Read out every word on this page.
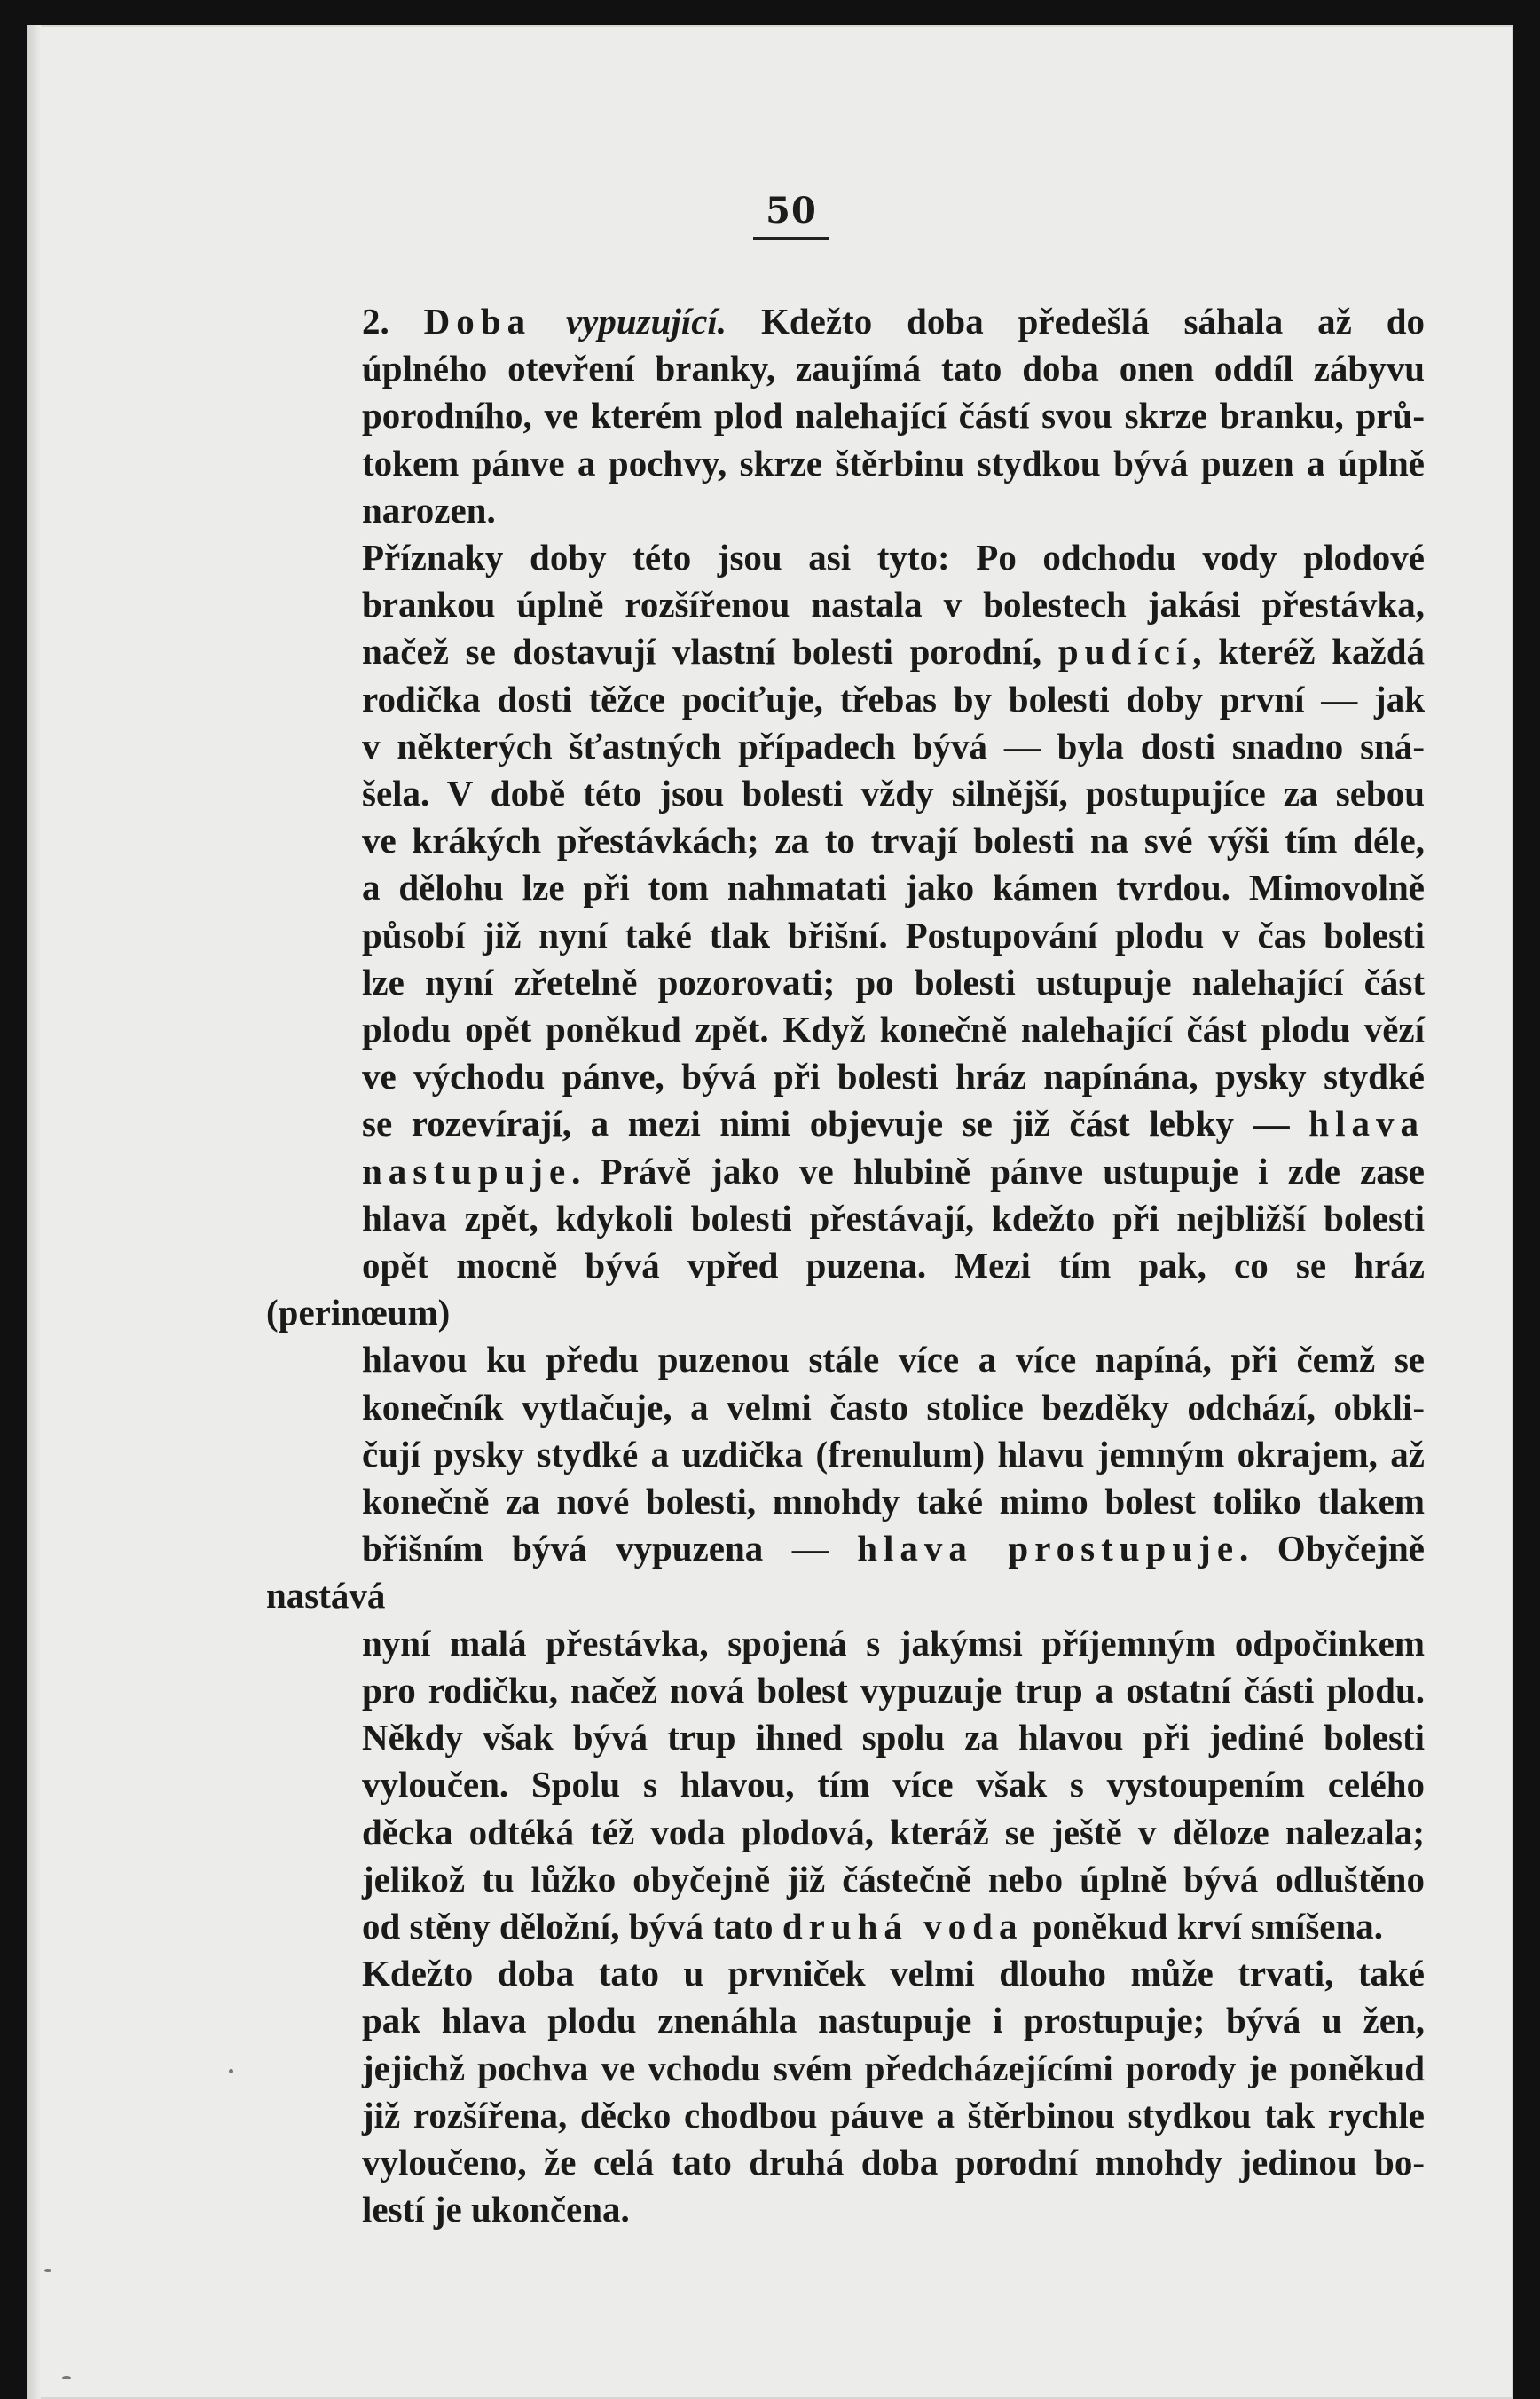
50

2. Doba vypuzující. Kdežto doba předešlá sáhala až do
úplného otevření branky, zaujímá tato doba onen oddíl zábyvu
porodního, ve kterém plod nalehající částí svou skrze branku, prů-
tokem pánve a pochvy, skrze štěrbinu stydkou bývá puzen a úplně
narozen.

Příznaky doby této jsou asi tyto: Po odchodu vody plodové
brankou úplně rozšířenou nastala v bolestech jakási přestávka,
načež se dostavují vlastní bolesti porodní, pudící, kteréž každá
rodička dosti těžce pociťuje, třebas by bolesti doby první — jak
v některých šťastných případech bývá — byla dosti snadno sná-
šela. V době této jsou bolesti vždy silnější, postupujíce za sebou
ve krákých přestávkách; za to trvají bolesti na své výši tím déle,
a dělohu lze při tom nahmatati jako kámen tvrdou. Mimovolně
působí již nyní také tlak břišní. Postupování plodu v čas bolesti
lze nyní zřetelně pozorovati; po bolesti ustupuje nalehající část
plodu opět poněkud zpět. Když konečně nalehající část plodu vězí
ve východu pánve, bývá při bolesti hráz napínána, pysky stydké
se rozevírají, a mezi nimi objevuje se již část lebky — hlava
nastupuje. Právě jako ve hlubině pánve ustupuje i zde zase
hlava zpět, kdykoli bolesti přestávají, kdežto při nejbližší bolesti
opět mocně bývá vpřed puzena. Mezi tím pak, co se hráz (perinœum)
hlavou ku předu puzenou stále více a více napíná, při čemž se
konečník vytlačuje, a velmi často stolice bezděky odchází, obkli-
čují pysky stydké a uzdička (frenulum) hlavu jemným okrajem, až
konečně za nové bolesti, mnohdy také mimo bolest toliko tlakem
břišním bývá vypuzena — hlava prostupuje. Obyčejně nastává
nyní malá přestávka, spojená s jakýmsi příjemným odpočinkem
pro rodičku, načež nová bolest vypuzuje trup a ostatní části plodu.
Někdy však bývá trup ihned spolu za hlavou při jediné bolesti
vyloučen. Spolu s hlavou, tím více však s vystoupením celého
děcka odtéká též voda plodová, kteráž se ještě v děloze nalezala;
jelikož tu lůžko obyčejně již částečně nebo úplně bývá odluštěno
od stěny děložní, bývá tato druhá voda poněkud krví smíšena.

Kdežto doba tato u prvniček velmi dlouho může trvati, také
pak hlava plodu znenáhla nastupuje i prostupuje; bývá u žen,
jejichž pochva ve vchodu svém předcházejícími porody je poněkud
již rozšířena, děcko chodbou páuve a štěrbinou stydkou tak rychle
vyloučeno, že celá tato druhá doba porodní mnohdy jedinou bo-
lestí je ukončena.
